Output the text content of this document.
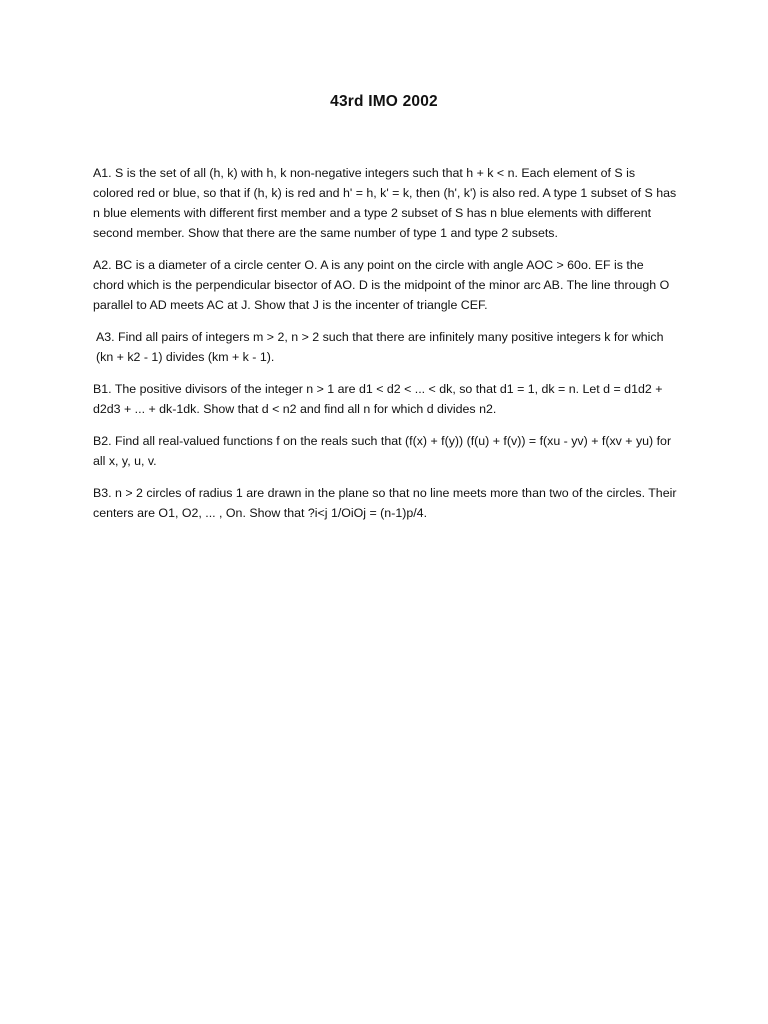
43rd IMO 2002

A1. S is the set of all (h, k) with h, k non-negative integers such that h + k < n. Each element of S is colored red or blue, so that if (h, k) is red and h' = h, k' = k, then (h', k') is also red. A type 1 subset of S has n blue elements with different first member and a type 2 subset of S has n blue elements with different second member. Show that there are the same number of type 1 and type 2 subsets.

A2. BC is a diameter of a circle center O. A is any point on the circle with angle AOC > 60o. EF is the chord which is the perpendicular bisector of AO. D is the midpoint of the minor arc AB. The line through O parallel to AD meets AC at J. Show that J is the incenter of triangle CEF.

A3. Find all pairs of integers m > 2, n > 2 such that there are infinitely many positive integers k for which (kn + k2 - 1) divides (km + k - 1).

B1. The positive divisors of the integer n > 1 are d1 < d2 < ... < dk, so that d1 = 1, dk = n. Let d = d1d2 + d2d3 + ... + dk-1dk. Show that d < n2 and find all n for which d divides n2.

B2. Find all real-valued functions f on the reals such that (f(x) + f(y)) (f(u) + f(v)) = f(xu - yv) + f(xv + yu) for all x, y, u, v.

B3. n > 2 circles of radius 1 are drawn in the plane so that no line meets more than two of the circles. Their centers are O1, O2, ... , On. Show that ?i<j 1/OiOj = (n-1)p/4.
